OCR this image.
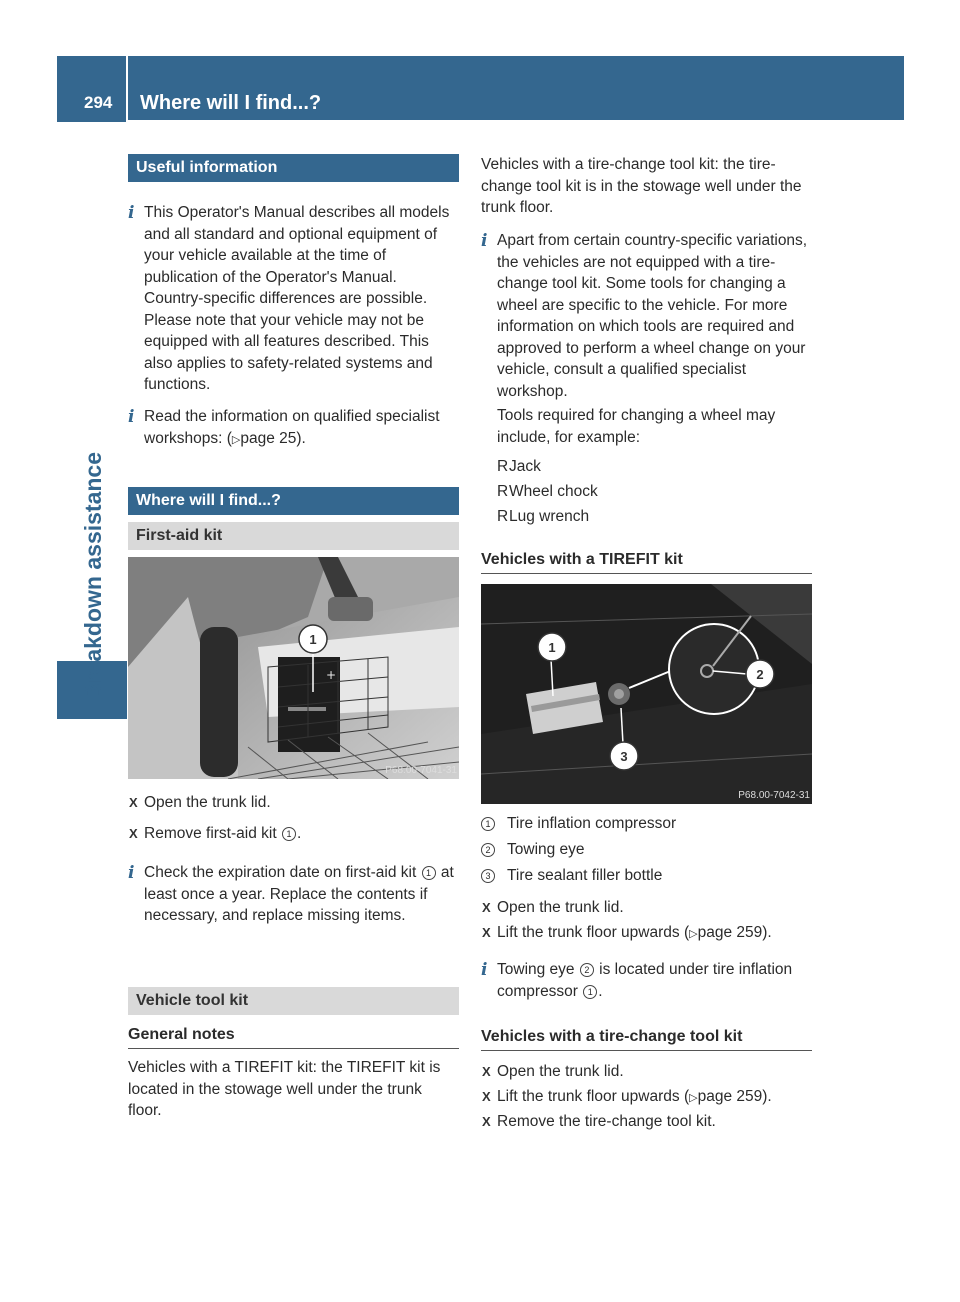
294 Where will I find...?
Breakdown assistance
Useful information
i This Operator's Manual describes all models and all standard and optional equipment of your vehicle available at the time of publication of the Operator's Manual. Country-specific differences are possible. Please note that your vehicle may not be equipped with all features described. This also applies to safety-related systems and functions.
i Read the information on qualified specialist workshops: (▷page 25).
Where will I find...?
First-aid kit
+
1
P68.00-7041-31
X Open the trunk lid.
X Remove first-aid kit 1 .
i Check the expiration date on first-aid kit 1 at least once a year. Replace the contents if necessary, and replace missing items.
Vehicle tool kit
General notes

Vehicles with a TIREFIT kit: the TIREFIT kit is located in the stowage well under the trunk floor.

Vehicles with a tire-change tool kit: the tire-change tool kit is in the stowage well under the trunk floor.

i Apart from certain country-specific variations, the vehicles are not equipped with a tire-change tool kit. Some tools for changing a wheel are specific to the vehicle. For more information on which tools are required and approved to perform a wheel change on your vehicle, consult a qualified specialist workshop.

Tools required for changing a wheel may include, for example:

R Jack
R Wheel chock
R Lug wrench
Vehicles with a TIREFIT kit
1
2
3
P68.00-7042-31
1 Tire inflation compressor
2 Towing eye
3 Tire sealant filler bottle
X Open the trunk lid.
X Lift the trunk floor upwards (▷page 259).
i Towing eye 2 is located under tire inflation compressor 1 .
Vehicles with a tire-change tool kit
X Open the trunk lid.
X Lift the trunk floor upwards (▷page 259).
X Remove the tire-change tool kit.
